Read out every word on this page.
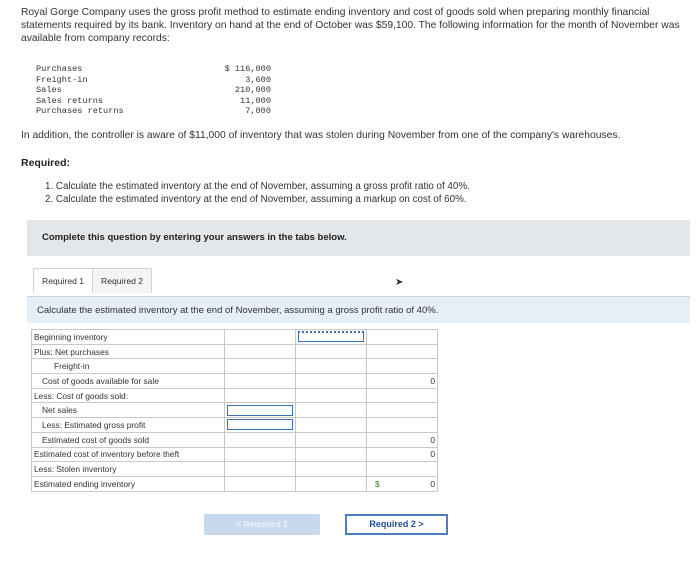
Royal Gorge Company uses the gross profit method to estimate ending inventory and cost of goods sold when preparing monthly financial statements required by its bank. Inventory on hand at the end of October was $59,100. The following information for the month of November was available from company records:
Purchases	$ 116,000
Freight-in	3,600
Sales	210,000
Sales returns	11,000
Purchases returns	7,000
In addition, the controller is aware of $11,000 of inventory that was stolen during November from one of the company's warehouses.
Required:
1. Calculate the estimated inventory at the end of November, assuming a gross profit ratio of 40%.
2. Calculate the estimated inventory at the end of November, assuming a markup on cost of 60%.
Complete this question by entering your answers in the tabs below.
Required 1	Required 2	➤
Calculate the estimated inventory at the end of November, assuming a gross profit ratio of 40%.
Beginning inventory		

Plus: Net purchases			
Freight-in			
Cost of goods available for sale			0
Less: Cost of goods sold:			
Net sales	

Less: Estimated gross profit	

Estimated cost of goods sold			0
Estimated cost of inventory before theft			0
Less: Stolen inventory			
Estimated ending inventory			$ 0
< Required 1	Required 2 >
